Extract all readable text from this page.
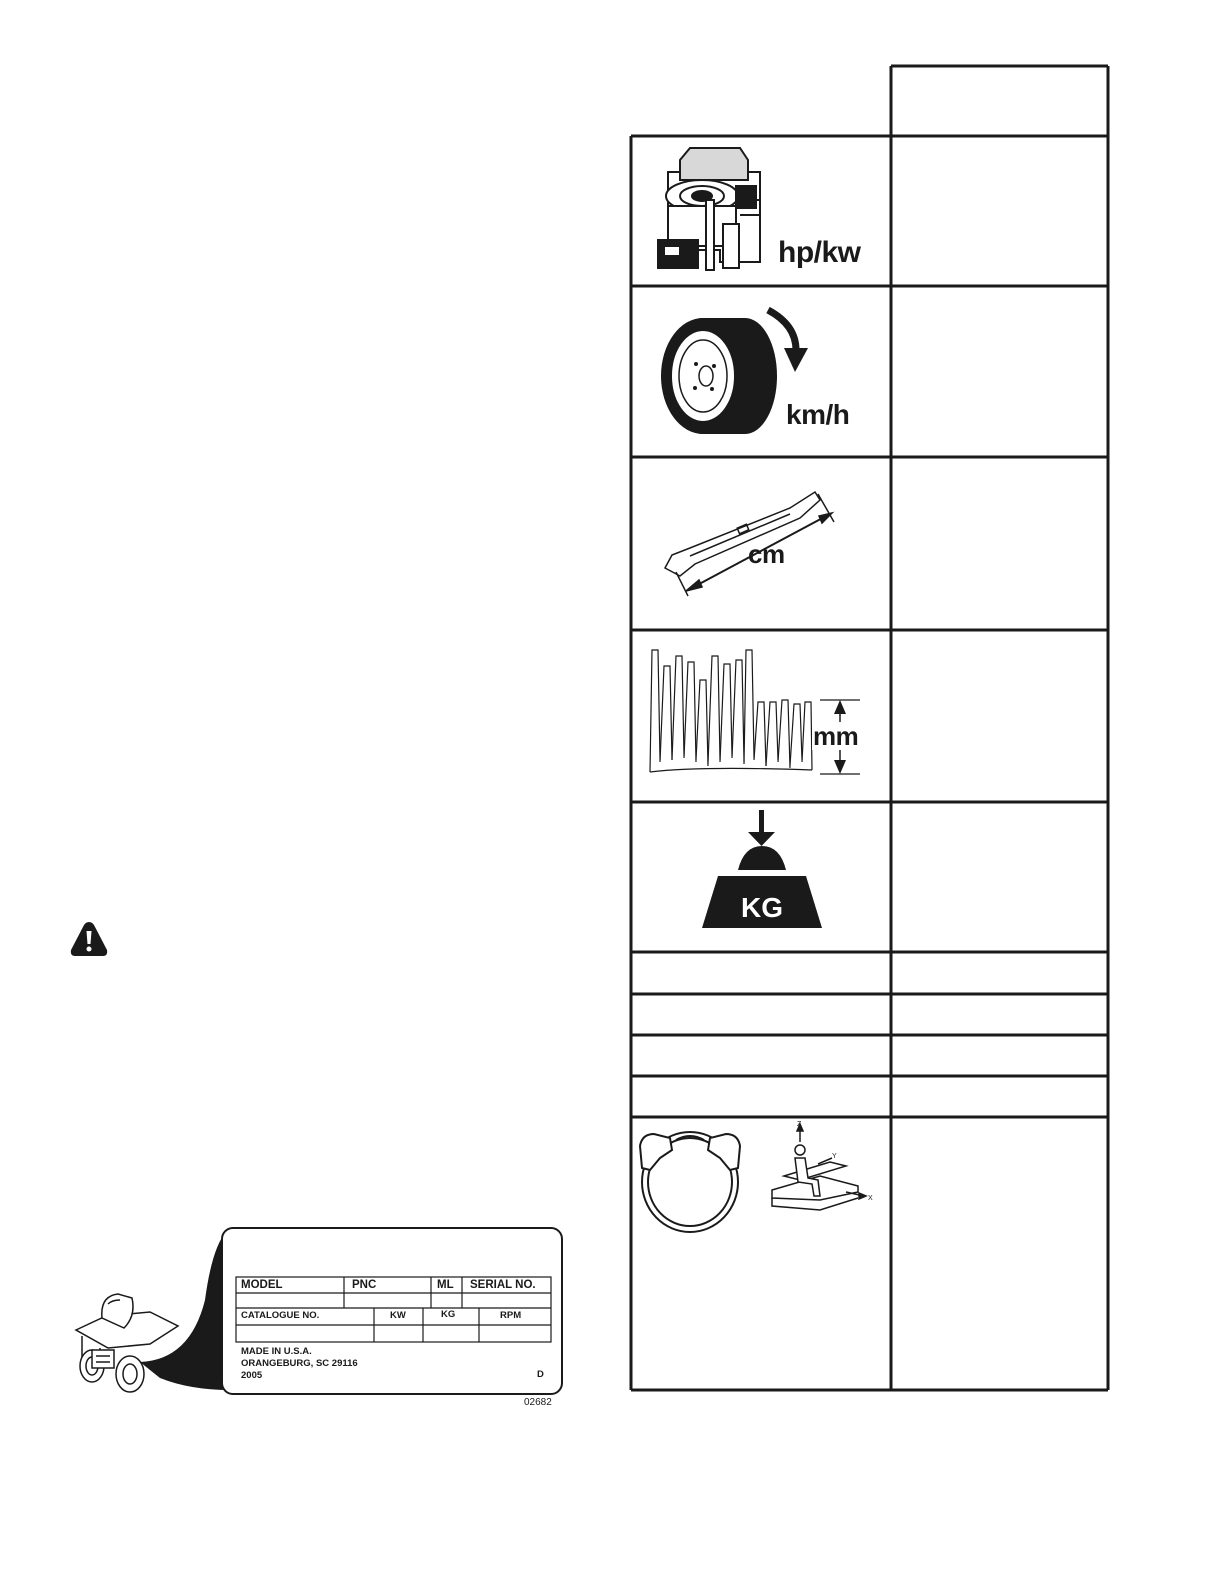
hp/kw
km/h
cm
mm
KG
Z
Y
X
MODEL	PNC	ML SERIAL NO.
CATALOGUE NO.	KW	KG	RPM
MADE IN U.S.A.
ORANGEBURG, SC 29116
2005	D
02682
